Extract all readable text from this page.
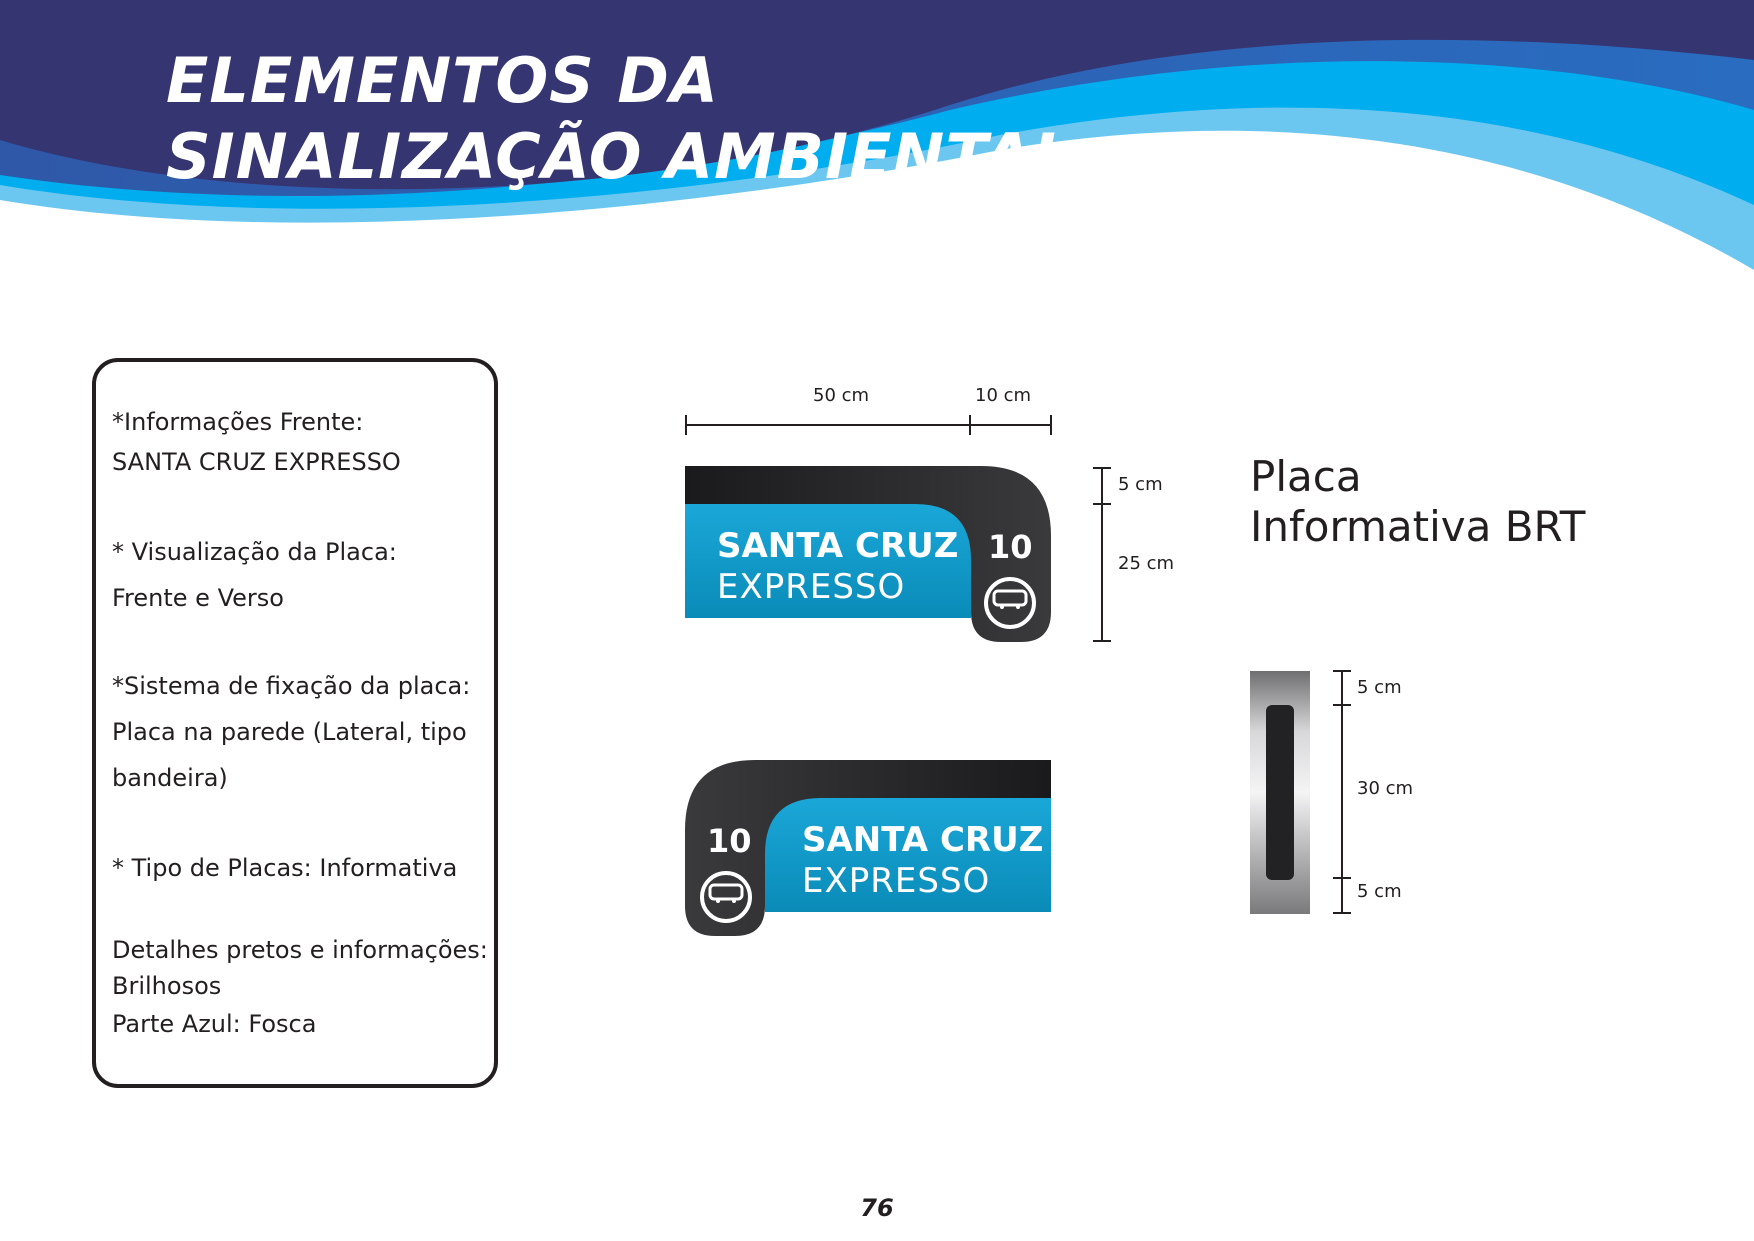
ELEMENTOS DA
SINALIZAÇÃO AMBIENTAL
*Informações Frente:
SANTA CRUZ EXPRESSO
* Visualização da Placa:
Frente e Verso
*Sistema de fixação da placa:
Placa na parede (Lateral, tipo
bandeira)
* Tipo de Placas: Informativa
Detalhes pretos e informações:
Brilhosos
Parte Azul: Fosca
50 cm	10 cm
5 cm
25 cm
5 cm
30 cm
5 cm
SANTA CRUZ
EXPRESSO
10
10 SANTA CRUZ
EXPRESSO
Placa
Informativa BRT
76
